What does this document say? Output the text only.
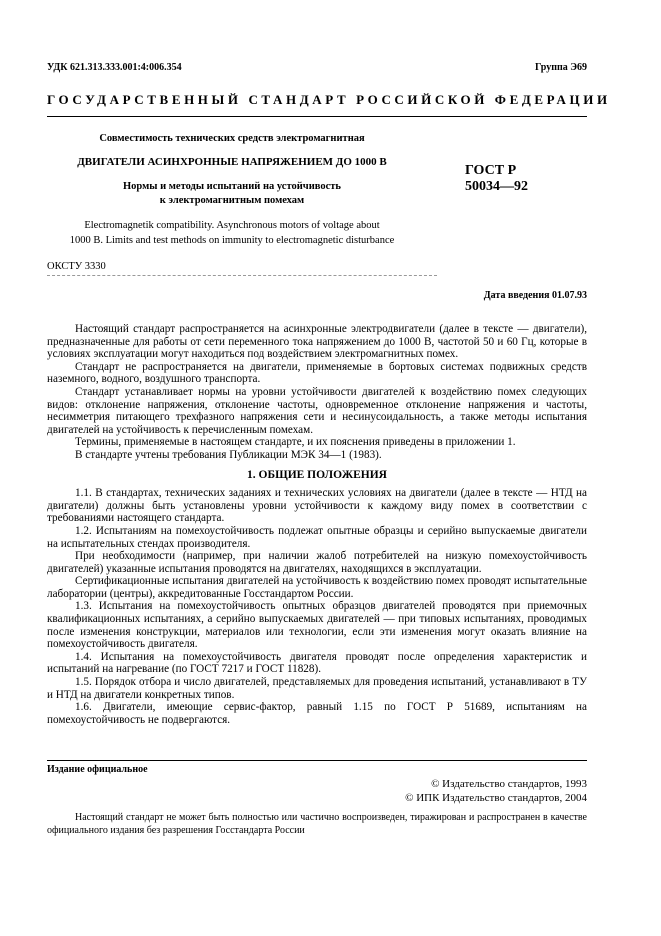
УДК 621.313.333.001:4:006.354	Группа Э69
ГОСУДАРСТВЕННЫЙ СТАНДАРТ РОССИЙСКОЙ ФЕДЕРАЦИИ
Совместимость технических средств электромагнитная
ДВИГАТЕЛИ АСИНХРОННЫЕ НАПРЯЖЕНИЕМ ДО 1000 В
Нормы и методы испытаний на устойчивость
к электромагнитным помехам
Electromagnetik compatibility. Asynchronous motors of voltage about
1000 B. Limits and test methods on immunity to electromagnetic disturbance
ГОСТ Р
50034—92
ОКСТУ 3330
Дата введения 01.07.93

Настоящий стандарт распространяется на асинхронные электродвигатели (далее в тексте — двигатели), предназначенные для работы от сети переменного тока напряжением до 1000 В, частотой 50 и 60 Гц, которые в условиях эксплуатации могут находиться под воздействием электромагнитных помех.

Стандарт не распространяется на двигатели, применяемые в бортовых системах подвижных средств наземного, водного, воздушного транспорта.

Стандарт устанавливает нормы на уровни устойчивости двигателей к воздействию помех следующих видов: отклонение напряжения, отклонение частоты, одновременное отклонение напряжения и частоты, несимметрия питающего трехфазного напряжения сети и несинусоидальность, а также методы испытания двигателей на устойчивость к перечисленным помехам.

Термины, применяемые в настоящем стандарте, и их пояснения приведены в приложении 1.

В стандарте учтены требования Публикации МЭК 34—1 (1983).

1. ОБЩИЕ ПОЛОЖЕНИЯ

1.1. В стандартах, технических заданиях и технических условиях на двигатели (далее в тексте — НТД на двигатели) должны быть установлены уровни устойчивости к каждому виду помех в соответствии с требованиями настоящего стандарта.

1.2. Испытаниям на помехоустойчивость подлежат опытные образцы и серийно выпускаемые двигатели на испытательных стендах производителя.

При необходимости (например, при наличии жалоб потребителей на низкую помехоустойчивость двигателей) указанные испытания проводятся на двигателях, находящихся в эксплуатации.

Сертификационные испытания двигателей на устойчивость к воздействию помех проводят испытательные лаборатории (центры), аккредитованные Госстандартом России.

1.3. Испытания на помехоустойчивость опытных образцов двигателей проводятся при приемочных квалификационных испытаниях, а серийно выпускаемых двигателей — при типовых испытаниях, проводимых после изменения конструкции, материалов или технологии, если эти изменения могут оказать влияние на помехоустойчивость двигателя.

1.4. Испытания на помехоустойчивость двигателя проводят после определения характеристик и испытаний на нагревание (по ГОСТ 7217 и ГОСТ 11828).

1.5. Порядок отбора и число двигателей, представляемых для проведения испытаний, устанавливают в ТУ и НТД на двигатели конкретных типов.

1.6. Двигатели, имеющие сервис-фактор, равный 1.15 по ГОСТ Р 51689, испытаниям на помехоустойчивость не подвергаются.

Издание официальное
© Издательство стандартов, 1993
© ИПК Издательство стандартов, 2004
Настоящий стандарт не может быть полностью или частично воспроизведен, тиражирован и распространен в качестве официального издания без разрешения Госстандарта России
